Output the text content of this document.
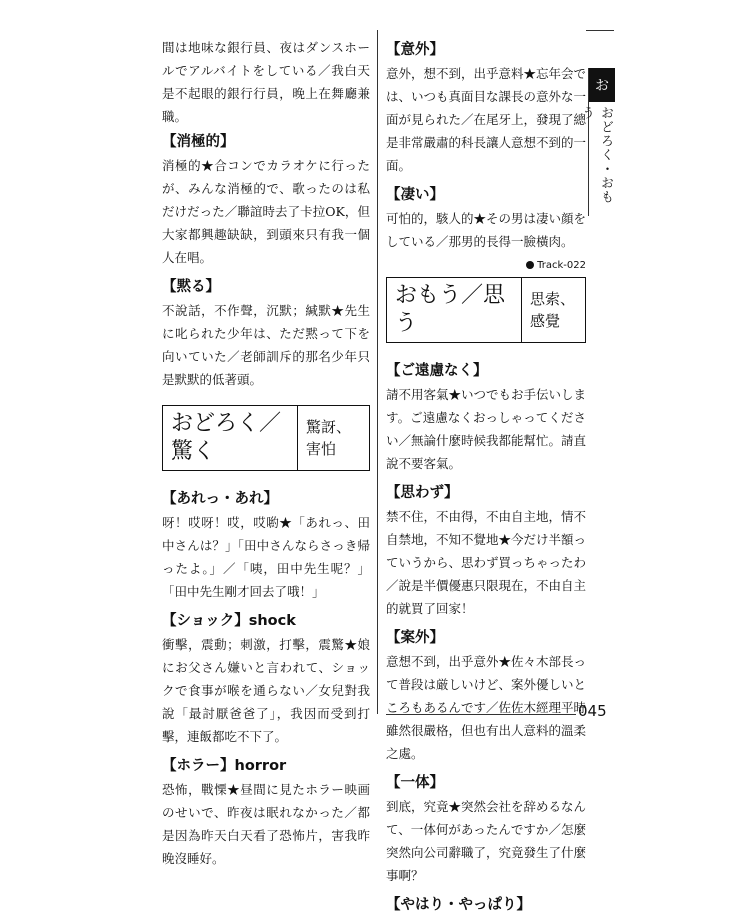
間は地味な銀行員、夜はダンスホールでアルバイトをしている／我白天是不起眼的銀行行員，晚上在舞廳兼職。
【消極的】
消極的★合コンでカラオケに行ったが、みんな消極的で、歌ったのは私だけだった／聯誼時去了卡拉OK，但大家都興趣缺缺，到頭來只有我一個人在唱。
【黙る】
不說話，不作聲，沉默；緘默★先生に叱られた少年は、ただ黙って下を向いていた／老師訓斥的那名少年只是默默的低著頭。
おどろく／驚く
驚訝、害怕
【あれっ・あれ】
呀！哎呀！哎，哎喲★「あれっ、田中さんは？」「田中さんならさっき帰ったよ。」／「咦，田中先生呢？」「田中先生剛才回去了哦！」
【ショック】shock
衝擊，震動；刺激，打擊，震驚★娘にお父さん嫌いと言われて、ショックで食事が喉を通らない／女兒對我說「最討厭爸爸了」，我因而受到打擊，連飯都吃不下了。
【ホラー】horror
恐怖，戰慄★昼間に見たホラー映画のせいで、昨夜は眠れなかった／都是因為昨天白天看了恐怖片，害我昨晚沒睡好。
【意外】
意外，想不到，出乎意料★忘年会では、いつも真面目な課長の意外な一面が見られた／在尾牙上，發現了總是非常嚴肅的科長讓人意想不到的一面。
【凄い】
可怕的，駭人的★その男は凄い顔をしている／那男的長得一臉橫肉。
Track-022
おもう／思う
思索、感覺
【ご遠慮なく】
請不用客氣★いつでもお手伝いします。ご遠慮なくおっしゃってください／無論什麼時候我都能幫忙。請直說不要客氣。
【思わず】
禁不住，不由得，不由自主地，情不自禁地，不知不覺地★今だけ半額っていうから、思わず買っちゃったわ／說是半價優惠只限現在，不由自主的就買了回家！
【案外】
意想不到，出乎意外★佐々木部長って普段は厳しいけど、案外優しいところもあるんです／佐佐木經理平時雖然很嚴格，但也有出人意料的溫柔之處。
【一体】
到底，究竟★突然会社を辞めるなんて、一体何があったんですか／怎麼突然向公司辭職了，究竟發生了什麼事啊？
【やはり・やっぱり】
お
おどろく・おもう
045
